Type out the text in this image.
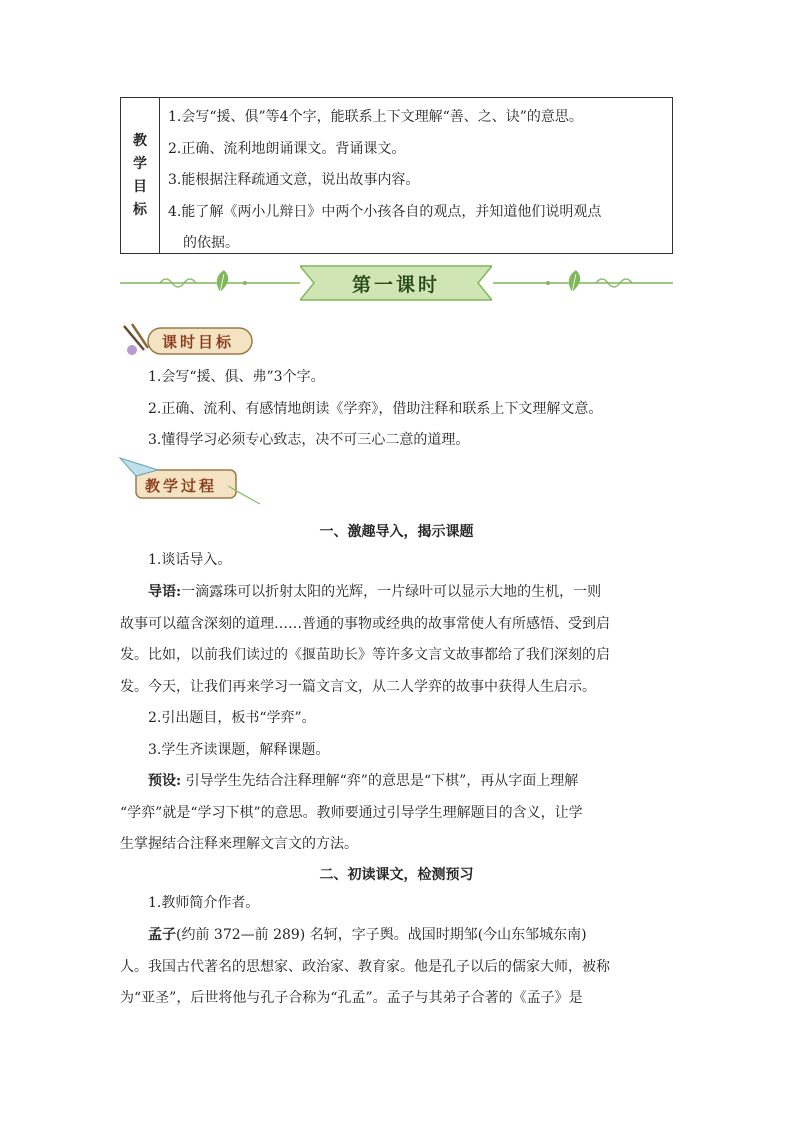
教
学
目
标
1.会写“援、俱”等4个字，能联系上下文理解“善、之、诀”的意思。
2.正确、流利地朗诵课文。背诵课文。
3.能根据注释疏通文意，说出故事内容。
4.能了解《两小儿辩日》中两个小孩各自的观点，并知道他们说明观点
的依据。
第一课时
课时目标
1.会写“援、俱、弗”3个字。
2.正确、流利、有感情地朗读《学弈》，借助注释和联系上下文理解文意。
3.懂得学习必须专心致志，决不可三心二意的道理。
教学过程
一、激趣导入，揭示课题
1.谈话导入。
导语:一滴露珠可以折射太阳的光辉，一片绿叶可以显示大地的生机，一则
故事可以蕴含深刻的道理……普通的事物或经典的故事常使人有所感悟、受到启
发。比如，以前我们读过的《揠苗助长》等许多文言文故事都给了我们深刻的启
发。今天，让我们再来学习一篇文言文，从二人学弈的故事中获得人生启示。
2.引出题目，板书“学弈”。
3.学生齐读课题，解释课题。
预设: 引导学生先结合注释理解“弈”的意思是“下棋”，再从字面上理解
“学弈”就是“学习下棋”的意思。教师要通过引导学生理解题目的含义，让学
生掌握结合注释来理解文言文的方法。
二、初读课文，检测预习
1.教师简介作者。
孟子(约前 372—前 289) 名轲，字子舆。战国时期邹(今山东邹城东南)
人。我国古代著名的思想家、政治家、教育家。他是孔子以后的儒家大师，被称
为“亚圣”，后世将他与孔子合称为“孔孟”。孟子与其弟子合著的《孟子》是
